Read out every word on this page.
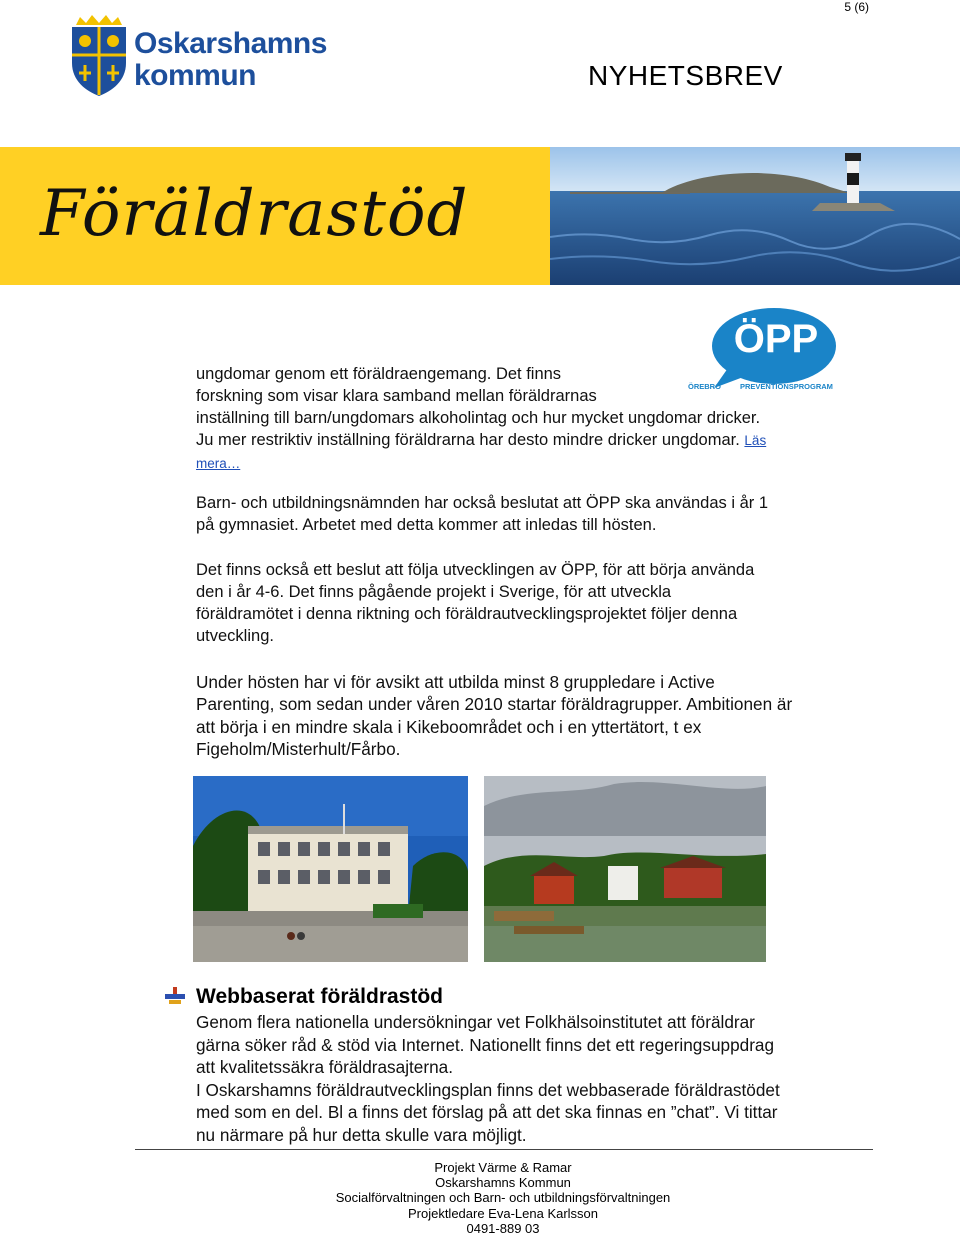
5 (6)
Oskarshamns
kommun	NYHETSBREV
Föräldrastöd
ÖPP
ÖREBRO	PREVENTIONSPROGRAM

ungdomar genom ett föräldraengemang. Det finns

forskning som visar klara samband mellan föräldrarnas

inställning till barn/ungdomars alkoholintag och hur mycket ungdomar dricker.

Ju mer restriktiv inställning föräldrarna har desto mindre dricker ungdomar. Läs

mera…

Barn- och utbildningsnämnden har också beslutat att ÖPP ska användas i år 1

på gymnasiet. Arbetet med detta kommer att inledas till hösten.

Det finns också ett beslut att följa utvecklingen av ÖPP, för att börja använda

den i år 4-6. Det finns pågående projekt i Sverige, för att utveckla

föräldramötet i denna riktning och föräldrautvecklingsprojektet följer denna

utveckling.

Under hösten har vi för avsikt att utbilda minst 8 gruppledare i Active

Parenting, som sedan under våren 2010 startar föräldragrupper. Ambitionen är

att börja i en mindre skala i Kikeboområdet och i en yttertätort, t ex

Figeholm/Misterhult/Fårbo.

Webbaserat föräldrastöd

Genom flera nationella undersökningar vet Folkhälsoinstitutet att föräldrar

gärna söker råd & stöd via Internet. Nationellt finns det ett regeringsuppdrag

att kvalitetssäkra föräldrasajterna.

I Oskarshamns föräldrautvecklingsplan finns det webbaserade föräldrastödet

med som en del. Bl a finns det förslag på att det ska finnas en ”chat”. Vi tittar

nu närmare på hur detta skulle vara möjligt.

Projekt Värme & Ramar
Oskarshamns Kommun
Socialförvaltningen och Barn- och utbildningsförvaltningen
Projektledare Eva-Lena Karlsson
0491-889 03
